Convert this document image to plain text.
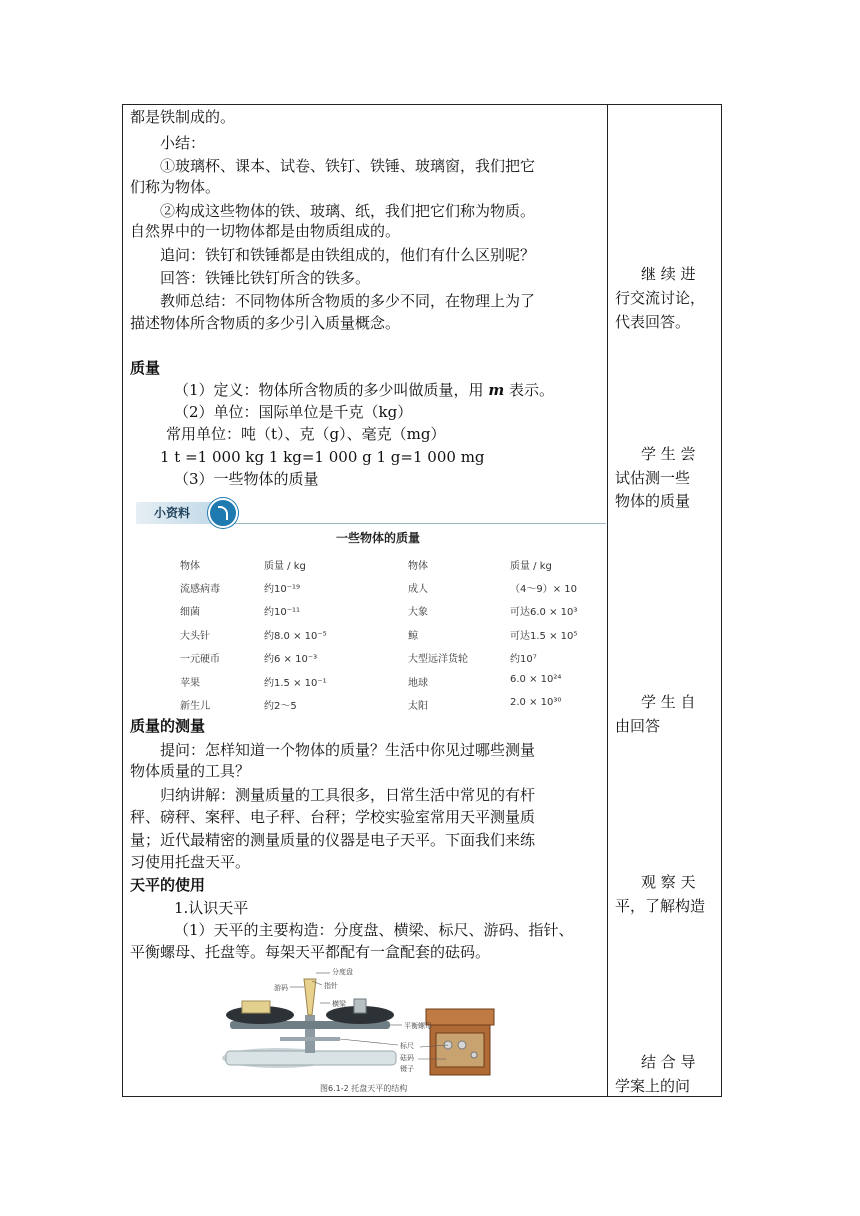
都是铁制成的。
小结：
①玻璃杯、课本、试卷、铁钉、铁锤、玻璃窗，我们把它
们称为物体。
②构成这些物体的铁、玻璃、纸，我们把它们称为物质。
自然界中的一切物体都是由物质组成的。
追问：铁钉和铁锤都是由铁组成的，他们有什么区别呢？
回答：铁锤比铁钉所含的铁多。
教师总结：不同物体所含物质的多少不同，在物理上为了
描述物体所含物质的多少引入质量概念。
质量
（1）定义：物体所含物质的多少叫做质量，用 m 表示。
（2）单位：国际单位是千克（kg）
常用单位：吨（t）、克（g）、毫克（mg）
1 t =1 000 kg 1 kg=1 000 g 1 g=1 000 mg
（3）一些物体的质量
质量的测量
提问：怎样知道一个物体的质量？生活中你见过哪些测量
物体质量的工具？
归纳讲解：测量质量的工具很多，日常生活中常见的有杆
秤、磅秤、案秤、电子秤、台秤；学校实验室常用天平测量质
量；近代最精密的测量质量的仪器是电子天平。下面我们来练
习使用托盘天平。
天平的使用
1.认识天平
（1）天平的主要构造：分度盘、横梁、标尺、游码、指针、
平衡螺母、托盘等。每架天平都配有一盒配套的砝码。
小资料
一些物体的质量
物体	质量 / kg	物体	质量 / kg
流感病毒	约10⁻¹⁹	成人	（4～9）× 10
细菌	约10⁻¹¹	大象	可达6.0 × 10³
大头针	约8.0 × 10⁻⁵	鲸	可达1.5 × 10⁵
一元硬币	约6 × 10⁻³	大型远洋货轮	约10⁷
苹果	约1.5 × 10⁻¹	地球	6.0 × 10²⁴
新生儿	约2～5	太阳	2.0 × 10³⁰
分度盘
游码	指针
横梁
平衡螺母
标尺
砝码
镊子
图6.1-2 托盘天平的结构
继 续 进
行交流讨论，
代表回答。
学 生 尝
试估测一些
物体的质量
学 生 自
由回答
观 察 天
平，了解构造
结 合 导
学案上的问
